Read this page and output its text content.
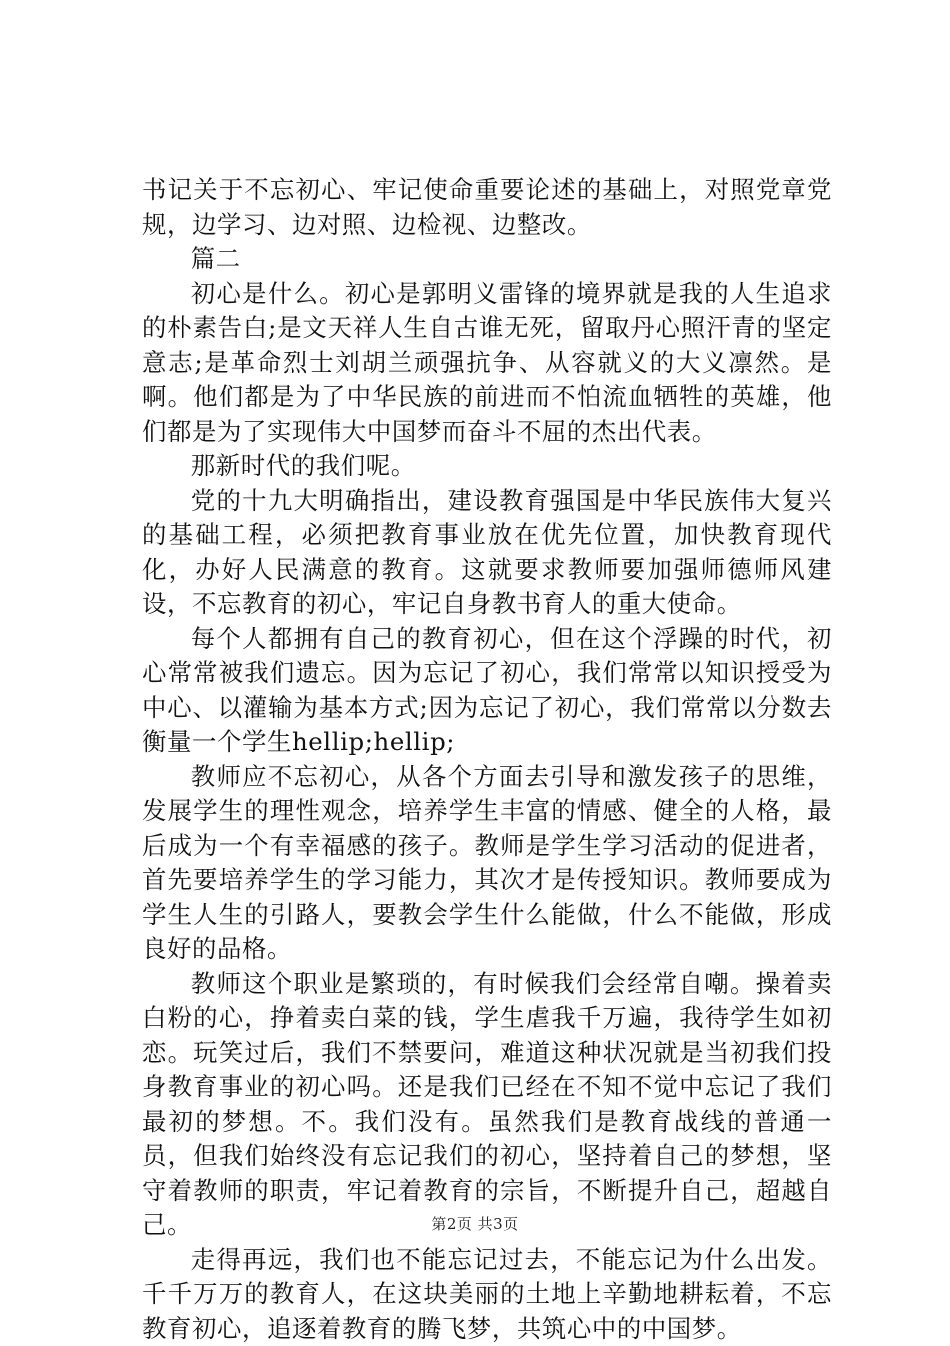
书记关于不忘初心、牢记使命重要论述的基础上，对照党章党规，边学习、边对照、边检视、边整改。

篇二

初心是什么。初心是郭明义雷锋的境界就是我的人生追求的朴素告白;是文天祥人生自古谁无死，留取丹心照汗青的坚定意志;是革命烈士刘胡兰顽强抗争、从容就义的大义凛然。是啊。他们都是为了中华民族的前进而不怕流血牺牲的英雄，他们都是为了实现伟大中国梦而奋斗不屈的杰出代表。

那新时代的我们呢。

党的十九大明确指出，建设教育强国是中华民族伟大复兴的基础工程，必须把教育事业放在优先位置，加快教育现代化，办好人民满意的教育。这就要求教师要加强师德师风建设，不忘教育的初心，牢记自身教书育人的重大使命。

每个人都拥有自己的教育初心，但在这个浮躁的时代，初心常常被我们遗忘。因为忘记了初心，我们常常以知识授受为中心、以灌输为基本方式;因为忘记了初心，我们常常以分数去衡量一个学生hellip;hellip;

教师应不忘初心，从各个方面去引导和激发孩子的思维，发展学生的理性观念，培养学生丰富的情感、健全的人格，最后成为一个有幸福感的孩子。教师是学生学习活动的促进者，首先要培养学生的学习能力，其次才是传授知识。教师要成为学生人生的引路人，要教会学生什么能做，什么不能做，形成良好的品格。

教师这个职业是繁琐的，有时候我们会经常自嘲。操着卖白粉的心，挣着卖白菜的钱，学生虐我千万遍，我待学生如初恋。玩笑过后，我们不禁要问，难道这种状况就是当初我们投身教育事业的初心吗。还是我们已经在不知不觉中忘记了我们最初的梦想。不。我们没有。虽然我们是教育战线的普通一员，但我们始终没有忘记我们的初心，坚持着自己的梦想，坚守着教师的职责，牢记着教育的宗旨，不断提升自己，超越自己。

走得再远，我们也不能忘记过去，不能忘记为什么出发。千千万万的教育人，在这块美丽的土地上辛勤地耕耘着，不忘教育初心，追逐着教育的腾飞梦，共筑心中的中国梦。

第2页 共3页
